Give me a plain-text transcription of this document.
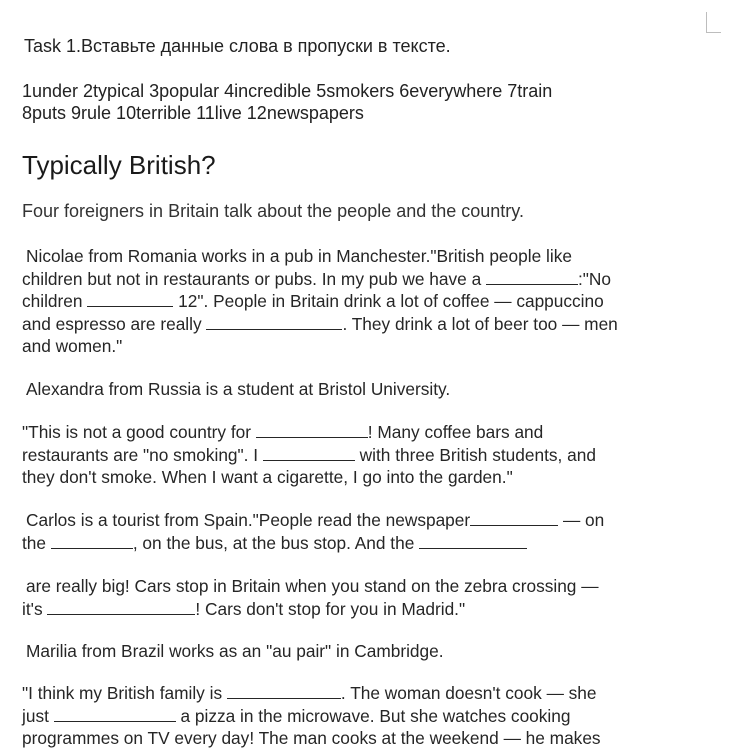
Task 1.Вставьте данные слова в пропуски в тексте.
1under 2typical 3popular 4incredible 5smokers 6everywhere 7train
8puts 9rule 10terrible 11live 12newspapers
Typically British?
Four foreigners in Britain talk about the people and the country.
Nicolae from Romania works in a pub in Manchester."British people like
children but not in restaurants or pubs. In my pub we have a	:"No
children	12". People in Britain drink a lot of coffee — cappuccino
and espresso are really	. They drink a lot of beer too — men
and women."
Alexandra from Russia is a student at Bristol University.
"This is not a good country for	! Many coffee bars and
restaurants are "no smoking". I	with three British students, and
they don't smoke. When I want a cigarette, I go into the garden."
Carlos is a tourist from Spain."People read the newspaper	— on
the	, on the bus, at the bus stop. And the
are really big! Cars stop in Britain when you stand on the zebra crossing —
it's	! Cars don't stop for you in Madrid."
Marilia from Brazil works as an "au pair" in Cambridge.
"I think my British family is	. The woman doesn't cook — she
just	a pizza in the microwave. But she watches cooking
programmes on TV every day! The man cooks at the weekend — he makes
